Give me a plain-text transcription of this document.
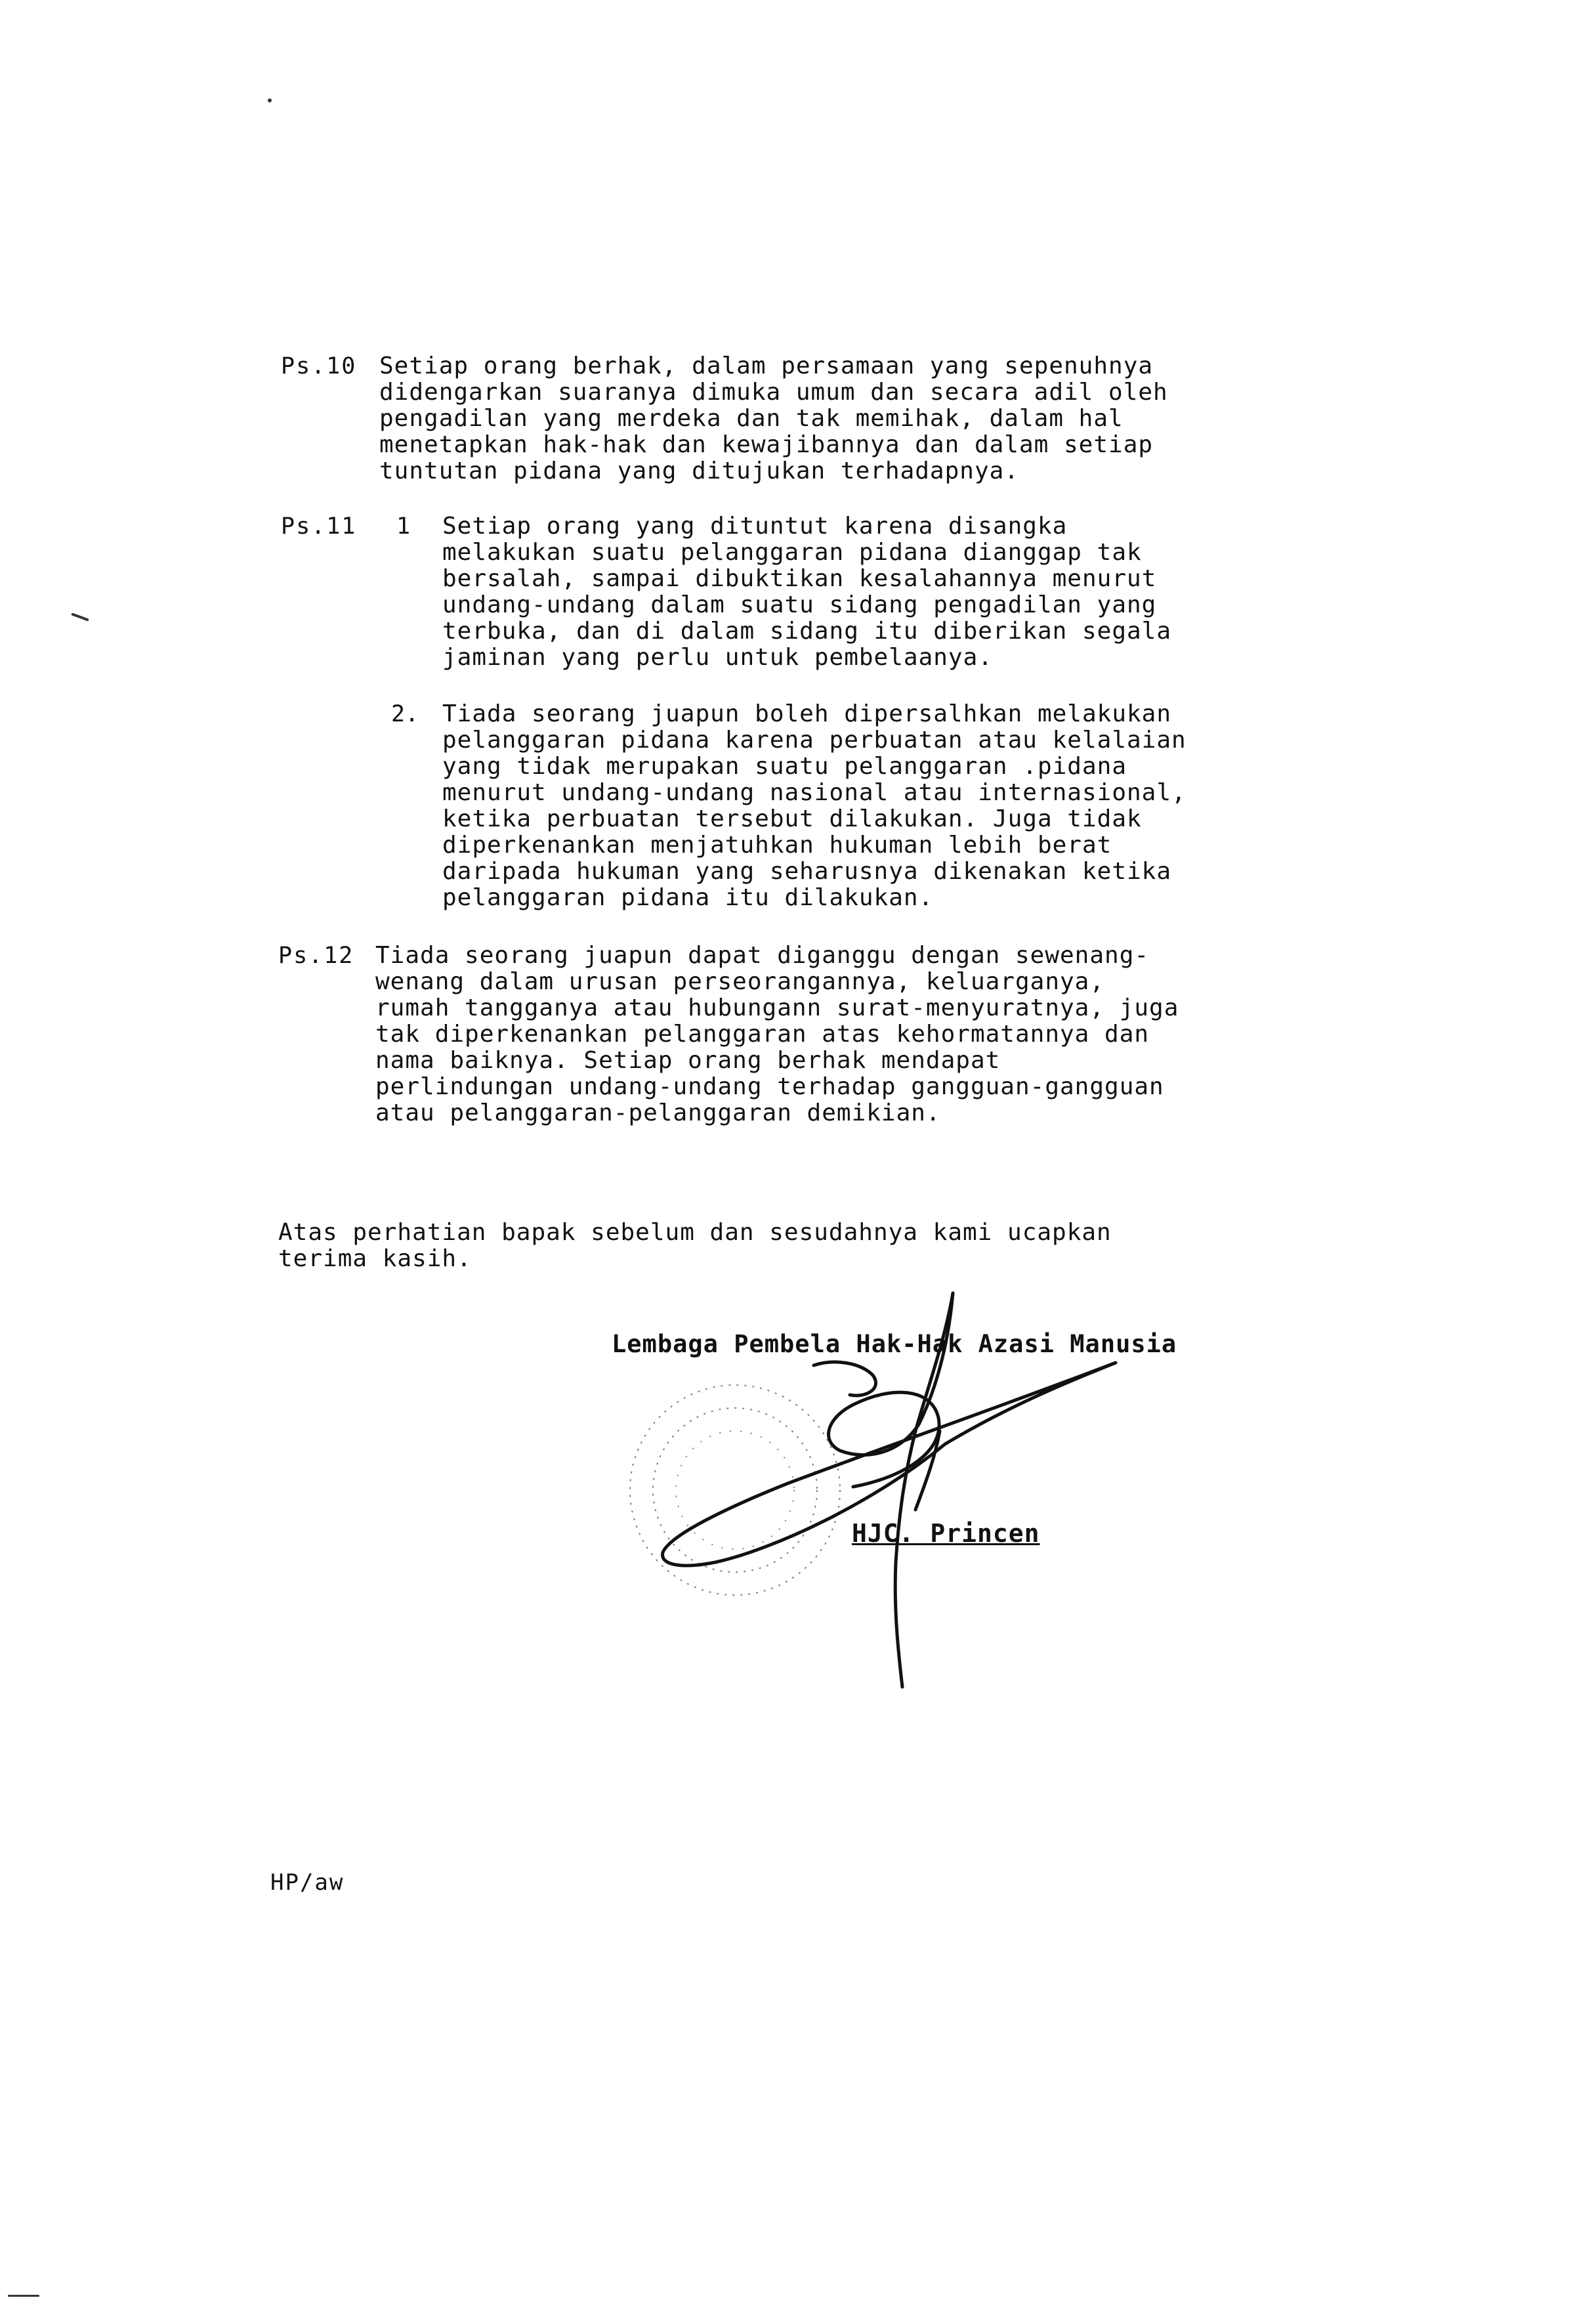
Ps.10 Setiap orang berhak, dalam persamaan yang sepenuhnya
didengarkan suaranya dimuka umum dan secara adil oleh
pengadilan yang merdeka dan tak memihak, dalam hal
menetapkan hak-hak dan kewajibannya dan dalam setiap
tuntutan pidana yang ditujukan terhadapnya.
Ps.11 1 Setiap orang yang dituntut karena disangka
melakukan suatu pelanggaran pidana dianggap tak
bersalah, sampai dibuktikan kesalahannya menurut
undang-undang dalam suatu sidang pengadilan yang
terbuka, dan di dalam sidang itu diberikan segala
jaminan yang perlu untuk pembelaanya.
2. Tiada seorang juapun boleh dipersalhkan melakukan
pelanggaran pidana karena perbuatan atau kelalaian
yang tidak merupakan suatu pelanggaran .pidana
menurut undang-undang nasional atau internasional,
ketika perbuatan tersebut dilakukan. Juga tidak
diperkenankan menjatuhkan hukuman lebih berat
daripada hukuman yang seharusnya dikenakan ketika
pelanggaran pidana itu dilakukan.
Ps.12 Tiada seorang juapun dapat diganggu dengan sewenang-
wenang dalam urusan perseorangannya, keluarganya,
rumah tangganya atau hubungann surat-menyuratnya, juga
tak diperkenankan pelanggaran atas kehormatannya dan
nama baiknya. Setiap orang berhak mendapat
perlindungan undang-undang terhadap gangguan-gangguan
atau pelanggaran-pelanggaran demikian.
Atas perhatian bapak sebelum dan sesudahnya kami ucapkan
terima kasih.
Lembaga Pembela Hak-Hak Azasi Manusia
HJC. Princen
HP/aw
